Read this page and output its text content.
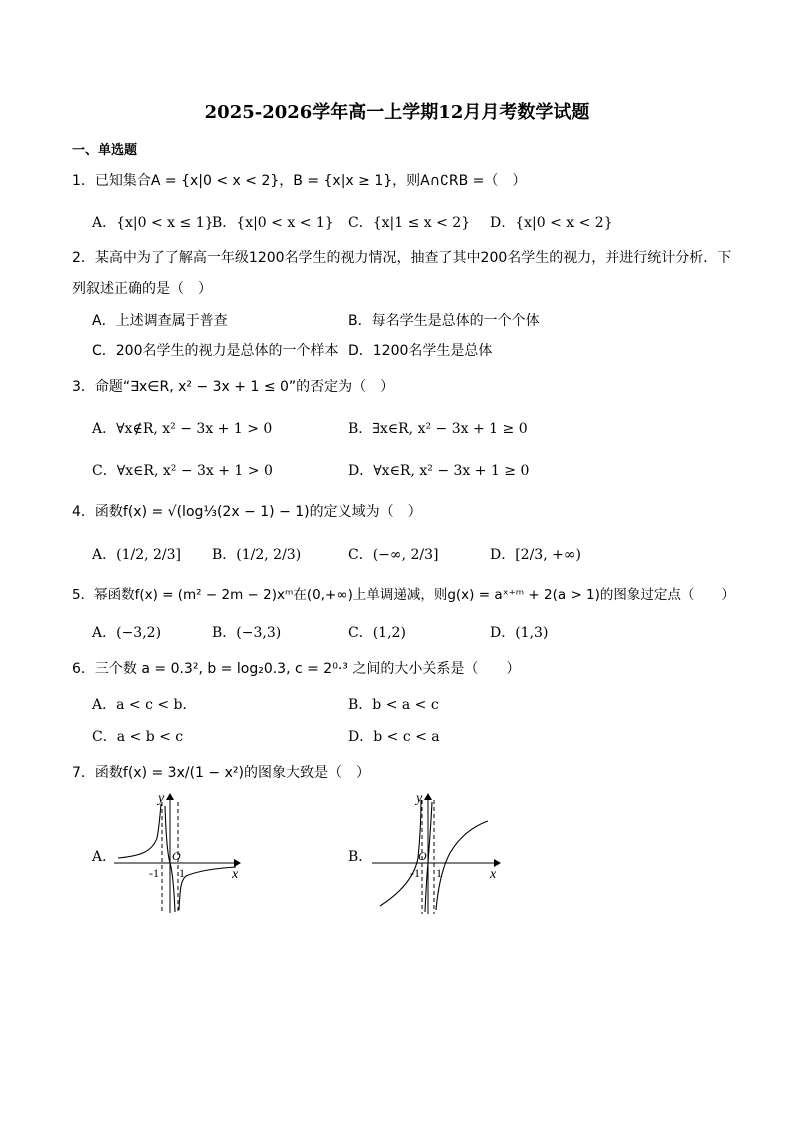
2025-2026学年高一上学期12月月考数学试题
一、单选题
1．已知集合A = {x|0 < x < 2}，B = {x|x ≥ 1}，则A∩∁RB =（　）
A．{x|0 < x ≤ 1}
B．{x|0 < x < 1} C．{x|1 ≤ x < 2} D．{x|0 < x < 2}
2．某高中为了了解高一年级1200名学生的视力情况，抽查了其中200名学生的视力，并进行统计分析．下
列叙述正确的是（　）
A．上述调查属于普查	B．每名学生是总体的一个个体
C．200名学生的视力是总体的一个样本 D．1200名学生是总体
3．命题“∃x∈R, x² − 3x + 1 ≤ 0”的否定为（　）
A．∀x∉R, x² − 3x + 1 > 0	B．∃x∈R, x² − 3x + 1 ≥ 0
C．∀x∈R, x² − 3x + 1 > 0	D．∀x∈R, x² − 3x + 1 ≥ 0
4．函数f(x) = √(log⅓(2x − 1) − 1)的定义域为（　）
A．(1/2, 2/3] B．(1/2, 2/3)	C．(−∞, 2/3]	D．[2/3, +∞)
5．幂函数f(x) = (m² − 2m − 2)xᵐ在(0,+∞)上单调递减，则g(x) = aˣ⁺ᵐ + 2(a > 1)的图象过定点（　　）
A．(−3,2)	B．(−3,3)	C．(1,2)	D．(1,3)
6．三个数 a = 0.3², b = log₂0.3, c = 2⁰·³ 之间的大小关系是（　　）
A．a < c < b．	B．b < a < c
C．a < b < c	D．b < c < a
7．函数f(x) = 3x/(1 − x²)的图象大致是（　）
A．	B．
y
x
O
-1 1
y
x
O
-1 1
